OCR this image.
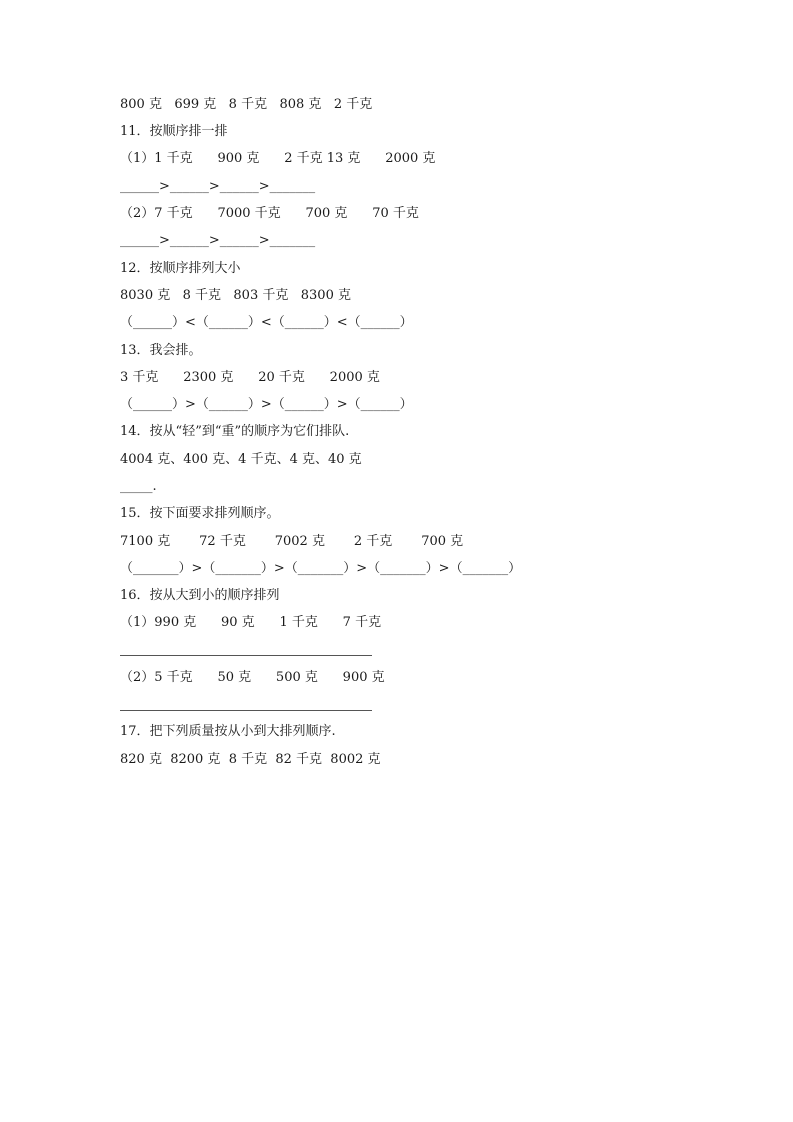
800 克   699 克   8 千克   808 克   2 千克
11．按顺序排一排
（1）1 千克      900 克      2 千克 13 克      2000 克
______>______>______>_______
（2）7 千克      7000 千克      700 克      70 千克
______>______>______>_______
12．按顺序排列大小
8030 克   8 千克   803 千克   8300 克
（______）<（______）<（______）<（______）
13．我会排。
3 千克      2300 克      20 千克      2000 克
（______）>（______）>（______）>（______）
14．按从“轻”到“重”的顺序为它们排队.
4004 克、400 克、4 千克、4 克、40 克
_____.
15．按下面要求排列顺序。
7100 克       72 千克       7002 克       2 千克       700 克
（_______）>（_______）>（_______）>（_______）>（_______）
16．按从大到小的顺序排列
（1）990 克      90 克      1 千克      7 千克
（2）5 千克      50 克      500 克      900 克
17．把下列质量按从小到大排列顺序.
820 克  8200 克  8 千克  82 千克  8002 克
